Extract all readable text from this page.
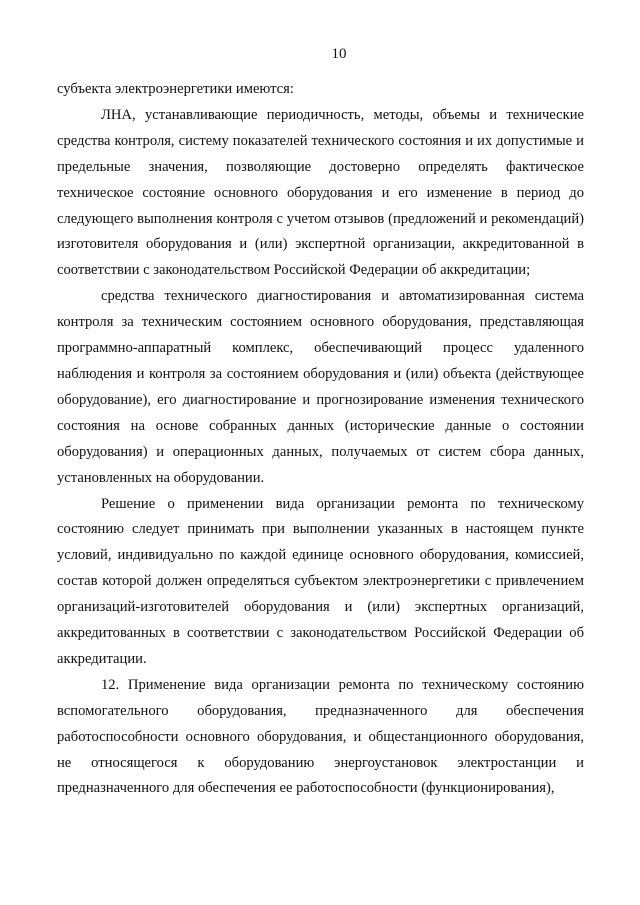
10

субъекта электроэнергетики имеются:

ЛНА, устанавливающие периодичность, методы, объемы и технические средства контроля, систему показателей технического состояния и их допустимые и предельные значения, позволяющие достоверно определять фактическое техническое состояние основного оборудования и его изменение в период до следующего выполнения контроля с учетом отзывов (предложений и рекомендаций) изготовителя оборудования и (или) экспертной организации, аккредитованной в соответствии с законодательством Российской Федерации об аккредитации;

средства технического диагностирования и автоматизированная система контроля за техническим состоянием основного оборудования, представляющая программно-аппаратный комплекс, обеспечивающий процесс удаленного наблюдения и контроля за состоянием оборудования и (или) объекта (действующее оборудование), его диагностирование и прогнозирование изменения технического состояния на основе собранных данных (исторические данные о состоянии оборудования) и операционных данных, получаемых от систем сбора данных, установленных на оборудовании.

Решение о применении вида организации ремонта по техническому состоянию следует принимать при выполнении указанных в настоящем пункте условий, индивидуально по каждой единице основного оборудования, комиссией, состав которой должен определяться субъектом электроэнергетики с привлечением организаций-изготовителей оборудования и (или) экспертных организаций, аккредитованных в соответствии с законодательством Российской Федерации об аккредитации.

12. Применение вида организации ремонта по техническому состоянию вспомогательного оборудования, предназначенного для обеспечения работоспособности основного оборудования, и общестанционного оборудования, не относящегося к оборудованию энергоустановок электростанции и предназначенного для обеспечения ее работоспособности (функционирования),
